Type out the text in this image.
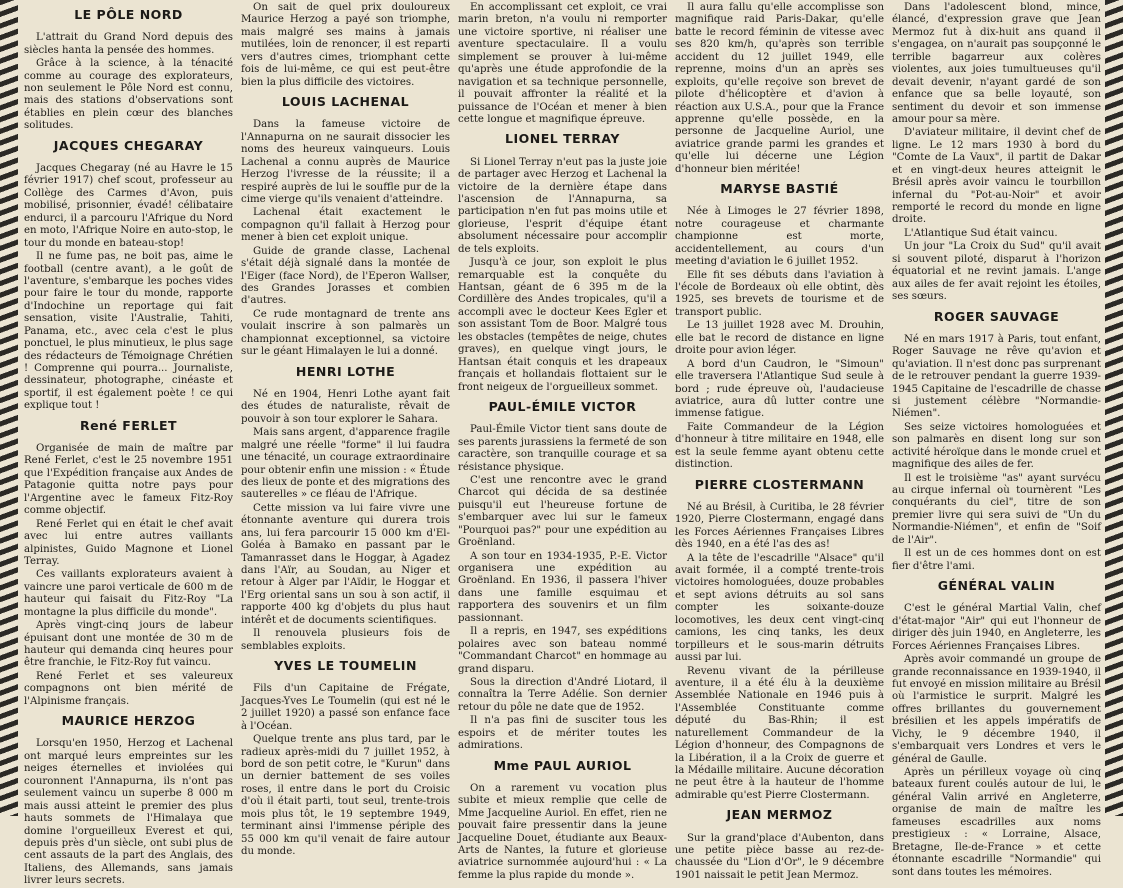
LE PÔLE NORD

L'attrait du Grand Nord depuis des siècles hanta la pensée des hommes.

Grâce à la science, à la ténacité comme au courage des explorateurs, non seulement le Pôle Nord est connu, mais des stations d'observations sont établies en plein cœur des blanches solitudes.

JACQUES CHEGARAY

Jacques Chegaray (né au Havre le 15 février 1917) chef scout, professeur au Collège des Carmes d'Avon, puis mobilisé, prisonnier, évadé! célibataire endurci, il a parcouru l'Afrique du Nord en moto, l'Afrique Noire en auto-stop, le tour du monde en bateau-stop!

Il ne fume pas, ne boit pas, aime le football (centre avant), a le goût de l'aventure, s'embarque les poches vides pour faire le tour du monde, rapporte d'Indochine un reportage qui fait sensation, visite l'Australie, Tahiti, Panama, etc., avec cela c'est le plus ponctuel, le plus minutieux, le plus sage des rédacteurs de Témoignage Chrétien ! Comprenne qui pourra... Journaliste, dessinateur, photographe, cinéaste et sportif, il est également poète ! ce qui explique tout !

René FERLET

Organisée de main de maître par René Ferlet, c'est le 25 novembre 1951 que l'Expédition française aux Andes de Patagonie quitta notre pays pour l'Argentine avec le fameux Fitz-Roy comme objectif.

René Ferlet qui en était le chef avait avec lui entre autres vaillants alpinistes, Guido Magnone et Lionel Terray.

Ces vaillants explorateurs avaient à vaincre une paroi verticale de 600 m de hauteur qui faisait du Fitz-Roy "La montagne la plus difficile du monde".

Après vingt-cinq jours de labeur épuisant dont une montée de 30 m de hauteur qui demanda cinq heures pour être franchie, le Fitz-Roy fut vaincu.

René Ferlet et ses valeureux compagnons ont bien mérité de l'Alpinisme français.

MAURICE HERZOG

Lorsqu'en 1950, Herzog et Lachenal ont marqué leurs empreintes sur les neiges éternelles et inviolées qui couronnent l'Annapurna, ils n'ont pas seulement vaincu un superbe 8 000 m mais aussi atteint le premier des plus hauts sommets de l'Himalaya que domine l'orgueilleux Everest et qui, depuis près d'un siècle, ont subi plus de cent assauts de la part des Anglais, des Italiens, des Allemands, sans jamais livrer leurs secrets.

On sait de quel prix douloureux Maurice Herzog a payé son triomphe, mais malgré ses mains à jamais mutilées, loin de renoncer, il est reparti vers d'autres cimes, triomphant cette fois de lui-même, ce qui est peut-être bien la plus difficile des victoires.

LOUIS LACHENAL

Dans la fameuse victoire de l'Annapurna on ne saurait dissocier les noms des heureux vainqueurs. Louis Lachenal a connu auprès de Maurice Herzog l'ivresse de la réussite; il a respiré auprès de lui le souffle pur de la cime vierge qu'ils venaient d'atteindre.

Lachenal était exactement le compagnon qu'il fallait à Herzog pour mener à bien cet exploit unique.

Guide de grande classe, Lachenal s'était déjà signalé dans la montée de l'Eiger (face Nord), de l'Eperon Wallser, des Grandes Jorasses et combien d'autres.

Ce rude montagnard de trente ans voulait inscrire à son palmarès un championnat exceptionnel, sa victoire sur le géant Himalayen le lui a donné.

HENRI LOTHE

Né en 1904, Henri Lothe ayant fait des études de naturaliste, rêvait de pouvoir à son tour explorer le Sahara.

Mais sans argent, d'apparence fragile malgré une réelle "forme" il lui faudra une ténacité, un courage extraordinaire pour obtenir enfin une mission : « Étude des lieux de ponte et des migrations des sauterelles » ce fléau de l'Afrique.

Cette mission va lui faire vivre une étonnante aventure qui durera trois ans, lui fera parcourir 15 000 km d'El-Goléa à Bamako en passant par le Tamanrasset dans le Hoggar, à Agadez dans l'Aïr, au Soudan, au Niger et retour à Alger par l'Aïdir, le Hoggar et l'Erg oriental sans un sou à son actif, il rapporte 400 kg d'objets du plus haut intérêt et de documents scientifiques.

Il renouvela plusieurs fois de semblables exploits.

YVES LE TOUMELIN

Fils d'un Capitaine de Frégate, Jacques-Yves Le Toumelin (qui est né le 2 juillet 1920) a passé son enfance face à l'Océan.

Quelque trente ans plus tard, par le radieux après-midi du 7 juillet 1952, à bord de son petit cotre, le "Kurun" dans un dernier battement de ses voiles roses, il entre dans le port du Croisic d'où il était parti, tout seul, trente-trois mois plus tôt, le 19 septembre 1949, terminant ainsi l'immense périple des 55 000 km qu'il venait de faire autour du monde.

En accomplissant cet exploit, ce vrai marin breton, n'a voulu ni remporter une victoire sportive, ni réaliser une aventure spectaculaire. Il a voulu simplement se prouver à lui-même qu'après une étude approfondie de la navigation et sa technique personnelle, il pouvait affronter la réalité et la puissance de l'Océan et mener à bien cette longue et magnifique épreuve.

LIONEL TERRAY

Si Lionel Terray n'eut pas la juste joie de partager avec Herzog et Lachenal la victoire de la dernière étape dans l'ascension de l'Annapurna, sa participation n'en fut pas moins utile et glorieuse, l'esprit d'équipe étant absolument nécessaire pour accomplir de tels exploits.

Jusqu'à ce jour, son exploit le plus remarquable est la conquête du Hantsan, géant de 6 395 m de la Cordillère des Andes tropicales, qu'il a accompli avec le docteur Kees Egler et son assistant Tom de Boor. Malgré tous les obstacles (tempêtes de neige, chutes graves), en quelque vingt jours, le Hantsan était conquis et les drapeaux français et hollandais flottaient sur le front neigeux de l'orgueilleux sommet.

PAUL-ÉMILE VICTOR

Paul-Émile Victor tient sans doute de ses parents jurassiens la fermeté de son caractère, son tranquille courage et sa résistance physique.

C'est une rencontre avec le grand Charcot qui décida de sa destinée puisqu'il eut l'heureuse fortune de s'embarquer avec lui sur le fameux "Pourquoi pas?" pour une expédition au Groënland.

A son tour en 1934-1935, P.-E. Victor organisera une expédition au Groënland. En 1936, il passera l'hiver dans une famille esquimau et rapportera des souvenirs et un film passionnant.

Il a repris, en 1947, ses expéditions polaires avec son bateau nommé "Commandant Charcot" en hommage au grand disparu.

Sous la direction d'André Liotard, il connaîtra la Terre Adélie. Son dernier retour du pôle ne date que de 1952.

Il n'a pas fini de susciter tous les espoirs et de mériter toutes les admirations.

Mme PAUL AURIOL

On a rarement vu vocation plus subite et mieux remplie que celle de Mme Jacqueline Auriol. En effet, rien ne pouvait faire pressentir dans la jeune Jacqueline Douet, étudiante aux Beaux-Arts de Nantes, la future et glorieuse aviatrice surnommée aujourd'hui : « La femme la plus rapide du monde ».

Il aura fallu qu'elle accomplisse son magnifique raid Paris-Dakar, qu'elle batte le record féminin de vitesse avec ses 820 km/h, qu'après son terrible accident du 12 juillet 1949, elle reprenne, moins d'un an après ses exploits, qu'elle reçoive son brevet de pilote d'hélicoptère et d'avion à réaction aux U.S.A., pour que la France apprenne qu'elle possède, en la personne de Jacqueline Auriol, une aviatrice grande parmi les grandes et qu'elle lui décerne une Légion d'honneur bien méritée!

MARYSE BASTIÉ

Née à Limoges le 27 février 1898, notre courageuse et charmante championne est morte, accidentellement, au cours d'un meeting d'aviation le 6 juillet 1952.

Elle fit ses débuts dans l'aviation à l'école de Bordeaux où elle obtint, dès 1925, ses brevets de tourisme et de transport public.

Le 13 juillet 1928 avec M. Drouhin, elle bat le record de distance en ligne droite pour avion léger.

A bord d'un Caudron, le "Simoun" elle traversera l'Atlantique Sud seule à bord ; rude épreuve où, l'audacieuse aviatrice, aura dû lutter contre une immense fatigue.

Faite Commandeur de la Légion d'honneur à titre militaire en 1948, elle est la seule femme ayant obtenu cette distinction.

PIERRE CLOSTERMANN

Né au Brésil, à Curitiba, le 28 février 1920, Pierre Clostermann, engagé dans les Forces Aériennes Françaises Libres dès 1940, en a été l'as des as!

A la tête de l'escadrille "Alsace" qu'il avait formée, il a compté trente-trois victoires homologuées, douze probables et sept avions détruits au sol sans compter les soixante-douze locomotives, les deux cent vingt-cinq camions, les cinq tanks, les deux torpilleurs et le sous-marin détruits aussi par lui.

Revenu vivant de la périlleuse aventure, il a été élu à la deuxième Assemblée Nationale en 1946 puis à l'Assemblée Constituante comme député du Bas-Rhin; il est naturellement Commandeur de la Légion d'honneur, des Compagnons de la Libération, il a la Croix de guerre et la Médaille militaire. Aucune décoration ne peut être à la hauteur de l'homme admirable qu'est Pierre Clostermann.

JEAN MERMOZ

Sur la grand'place d'Aubenton, dans une petite pièce basse au rez-de-chaussée du "Lion d'Or", le 9 décembre 1901 naissait le petit Jean Mermoz.

Dans l'adolescent blond, mince, élancé, d'expression grave que Jean Mermoz fut à dix-huit ans quand il s'engagea, on n'aurait pas soupçonné le terrible bagarreur aux colères violentes, aux joies tumultueuses qu'il devait devenir, n'ayant gardé de son enfance que sa belle loyauté, son sentiment du devoir et son immense amour pour sa mère.

D'aviateur militaire, il devint chef de ligne. Le 12 mars 1930 à bord du "Comte de La Vaux", il partit de Dakar et en vingt-deux heures atteignit le Brésil après avoir vaincu le tourbillon infernal du "Pot-au-Noir" et avoir remporté le record du monde en ligne droite.

L'Atlantique Sud était vaincu.

Un jour "La Croix du Sud" qu'il avait si souvent piloté, disparut à l'horizon équatorial et ne revint jamais. L'ange aux ailes de fer avait rejoint les étoiles, ses sœurs.

ROGER SAUVAGE

Né en mars 1917 à Paris, tout enfant, Roger Sauvage ne rêve qu'avion et qu'aviation. Il n'est donc pas surprenant de le retrouver pendant la guerre 1939-1945 Capitaine de l'escadrille de chasse si justement célèbre "Normandie-Niémen".

Ses seize victoires homologuées et son palmarès en disent long sur son activité héroïque dans le monde cruel et magnifique des ailes de fer.

Il est le troisième "as" ayant survécu au cirque infernal où tournèrent "Les conquérants du ciel", titre de son premier livre qui sera suivi de "Un du Normandie-Niémen", et enfin de "Soif de l'Air".

Il est un de ces hommes dont on est fier d'être l'ami.

GÉNÉRAL VALIN

C'est le général Martial Valin, chef d'état-major "Air" qui eut l'honneur de diriger dès juin 1940, en Angleterre, les Forces Aériennes Françaises Libres.

Après avoir commandé un groupe de grande reconnaissance en 1939-1940, il fut envoyé en mission militaire au Brésil où l'armistice le surprit. Malgré les offres brillantes du gouvernement brésilien et les appels impératifs de Vichy, le 9 décembre 1940, il s'embarquait vers Londres et vers le général de Gaulle.

Après un périlleux voyage où cinq bateaux furent coulés autour de lui, le général Valin arrivé en Angleterre, organise de main de maître les fameuses escadrilles aux noms prestigieux : « Lorraine, Alsace, Bretagne, Ile-de-France » et cette étonnante escadrille "Normandie" qui sont dans toutes les mémoires.
